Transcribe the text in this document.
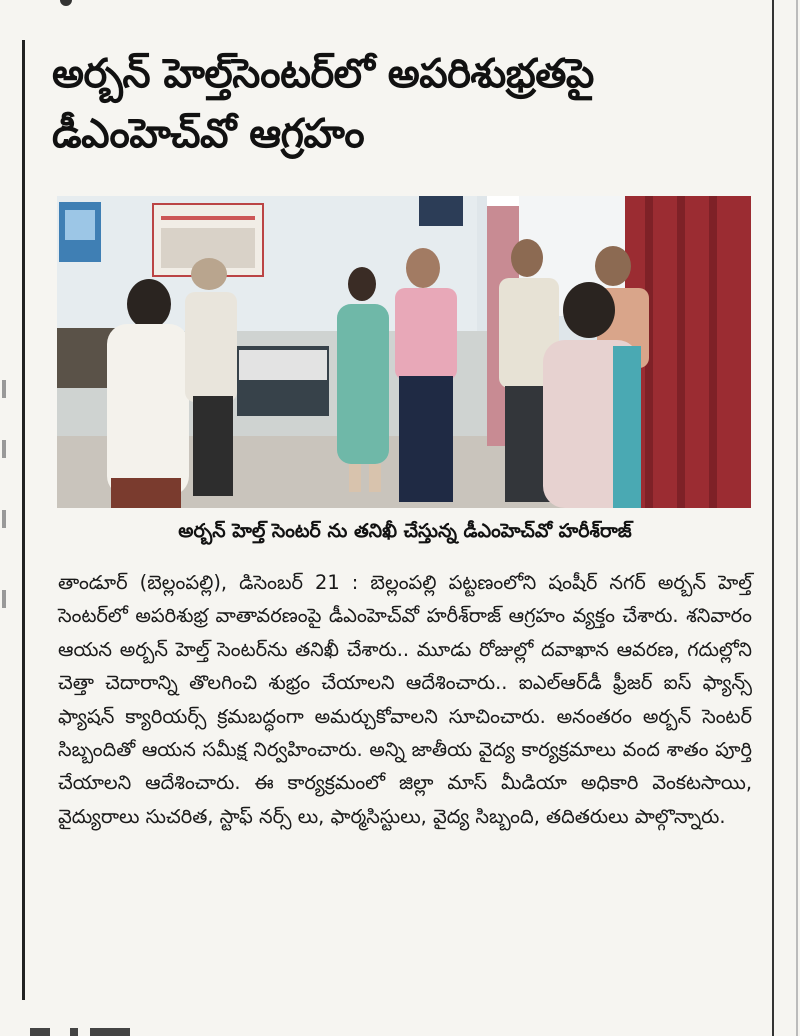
అర్బన్ హెల్త్‌సెంటర్‌లో అపరిశుభ్రతపై
డీఎంహెచ్‌వో ఆగ్రహం
అర్బన్ హెల్త్ సెంటర్ ను తనిఖీ చేస్తున్న డీఎంహెచ్‌వో హరీశ్‌రాజ్
తాండూర్ (బెల్లంపల్లి), డిసెంబర్ 21 : బెల్లంపల్లి పట్టణంలోని షంషీర్ నగర్ అర్బన్ హెల్త్ సెంటర్‌లో అపరిశుభ్ర వాతావరణంపై డీఎంహెచ్‌వో హరీశ్‌రాజ్ ఆగ్రహం వ్యక్తం చేశారు. శనివారం ఆయన అర్బన్ హెల్త్ సెంటర్‌ను తనిఖీ చేశారు.. మూడు రోజుల్లో దవాఖాన ఆవరణ, గదుల్లోని చెత్తా చెదారాన్ని తొలగించి శుభ్రం చేయాలని ఆదేశించారు.. ఐఎల్‌ఆర్‌డీ ఫ్రీజర్ ఐస్ ఫ్యాన్స్ ఫ్యాషన్ క్యారియర్స్ క్రమబద్ధంగా అమర్చుకోవాలని సూచించారు. అనంతరం అర్బన్ సెంటర్ సిబ్బందితో ఆయన సమీక్ష నిర్వహించారు. అన్ని జాతీయ వైద్య కార్యక్రమాలు వంద శాతం పూర్తి చేయాలని ఆదేశించారు. ఈ కార్యక్రమంలో జిల్లా మాస్ మీడియా అధికారి వెంకటసాయి, వైద్యురాలు సుచరిత, స్టాఫ్ నర్స్ లు, ఫార్మసిస్టులు, వైద్య సిబ్బంది, తదితరులు పాల్గొన్నారు.
